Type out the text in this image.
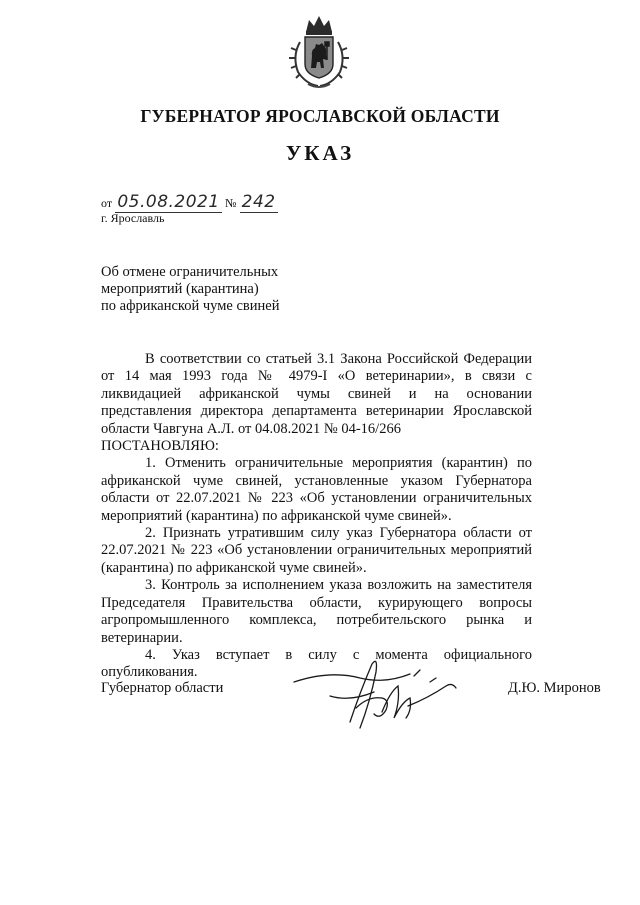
ГУБЕРНАТОР ЯРОСЛАВСКОЙ ОБЛАСТИ
УКАЗ
от 05.08.2021 № 242
г. Ярославль
Об отмене ограничительных
мероприятий (карантина)
по африканской чуме свиней

В соответствии со статьей 3.1 Закона Российской Федерации от 14 мая 1993 года № 4979-I «О ветеринарии», в связи с ликвидацией африканской чумы свиней и на основании представления директора департамента ветеринарии Ярославской области Чавгуна А.Л. от 04.08.2021 № 04-16/266

ПОСТАНОВЛЯЮ:

1. Отменить ограничительные мероприятия (карантин) по африканской чуме свиней, установленные указом Губернатора области от 22.07.2021 № 223 «Об установлении ограничительных мероприятий (карантина) по африканской чуме свиней».

2. Признать утратившим силу указ Губернатора области от 22.07.2021 № 223 «Об установлении ограничительных мероприятий (карантина) по африканской чуме свиней».

3. Контроль за исполнением указа возложить на заместителя Председателя Правительства области, курирующего вопросы агропромышленного комплекса, потребительского рынка и ветеринарии.

4. Указ вступает в силу с момента официального опубликования.

Губернатор области	Д.Ю. Миронов
